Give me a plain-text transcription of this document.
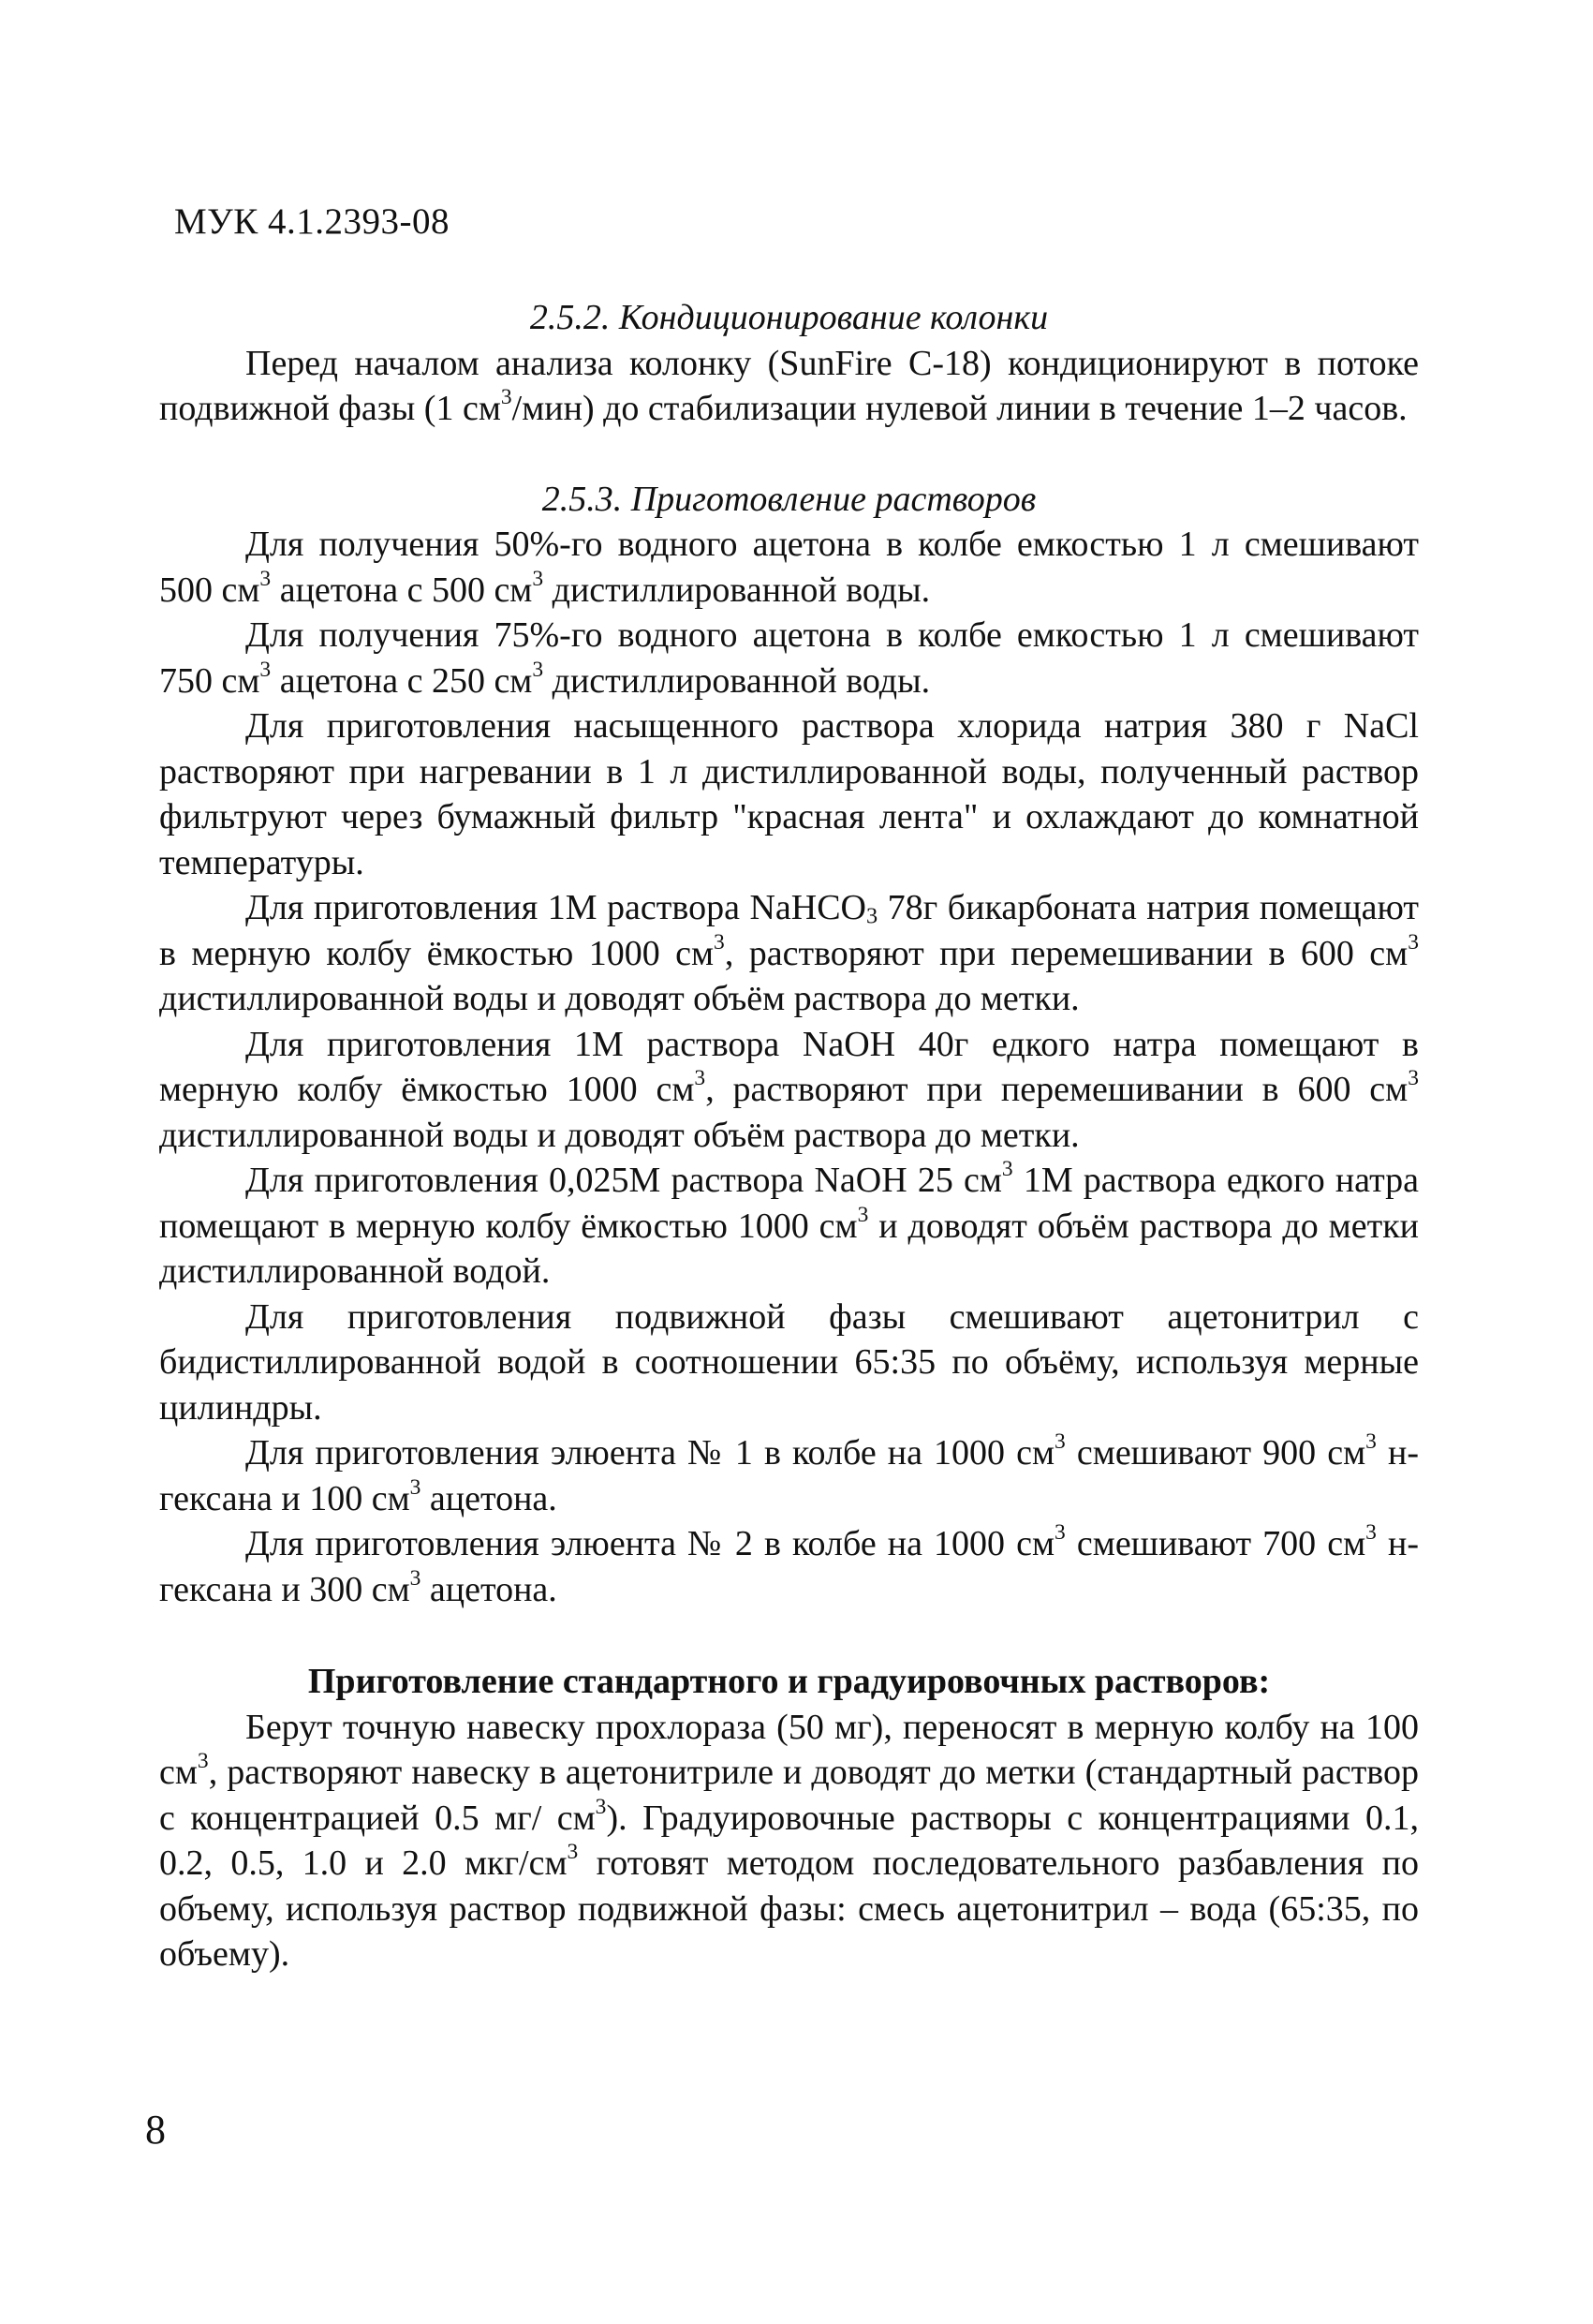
МУК 4.1.2393-08

2.5.2. Кондиционирование колонки

Перед началом анализа колонку (SunFire C-18) кондиционируют в потоке подвижной фазы (1 $см^3/мин$) до стабилизации нулевой линии в течение 1–2 часов.

2.5.3. Приготовление растворов

Для получения 50%-го водного ацетона в колбе емкостью 1 л смешивают 500 $см^3$ ацетона с 500 $см^3$ дистиллированной воды.

Для получения 75%-го водного ацетона в колбе емкостью 1 л смешивают 750 $см^3$ ацетона с 250 $см^3$ дистиллированной воды.

Для приготовления насыщенного раствора хлорида натрия 380 г NaCl растворяют при нагревании в 1 л дистиллированной воды, полученный раствор фильтруют через бумажный фильтр "красная лента" и охлаждают до комнатной температуры.

Для приготовления 1М раствора NaHCO$_3$ 78г бикарбоната натрия помещают в мерную колбу ёмкостью 1000 $см^3$, растворяют при перемешивании в 600 $см^3$ дистиллированной воды и доводят объём раствора до метки.

Для приготовления 1М раствора NaOH 40г едкого натра помещают в мерную колбу ёмкостью 1000 $см^3$, растворяют при перемешивании в 600 $см^3$ дистиллированной воды и доводят объём раствора до метки.

Для приготовления 0,025М раствора NaOH 25 $см^3$ 1М раствора едкого натра помещают в мерную колбу ёмкостью 1000 $см^3$ и доводят объём раствора до метки дистиллированной водой.

Для приготовления подвижной фазы смешивают ацетонитрил с бидистиллированной водой в соотношении 65:35 по объёму, используя мерные цилиндры.

Для приготовления элюента № 1 в колбе на 1000 $см^3$ смешивают 900 $см^3$ н-гексана и 100 $см^3$ ацетона.

Для приготовления элюента № 2 в колбе на 1000 $см^3$ смешивают 700 $см^3$ н-гексана и 300 $см^3$ ацетона.

Приготовление стандартного и градуировочных растворов:

Берут точную навеску прохлораза (50 мг), переносят в мерную колбу на 100 $см^3$, растворяют навеску в ацетонитриле и доводят до метки (стандартный раствор с концентрацией 0.5 мг/ $см^3$). Градуировочные растворы с концентрациями 0.1, 0.2, 0.5, 1.0 и 2.0 мкг/$см^3$ готовят методом последовательного разбавления по объему, используя раствор подвижной фазы: смесь ацетонитрил – вода (65:35, по объему).

8
